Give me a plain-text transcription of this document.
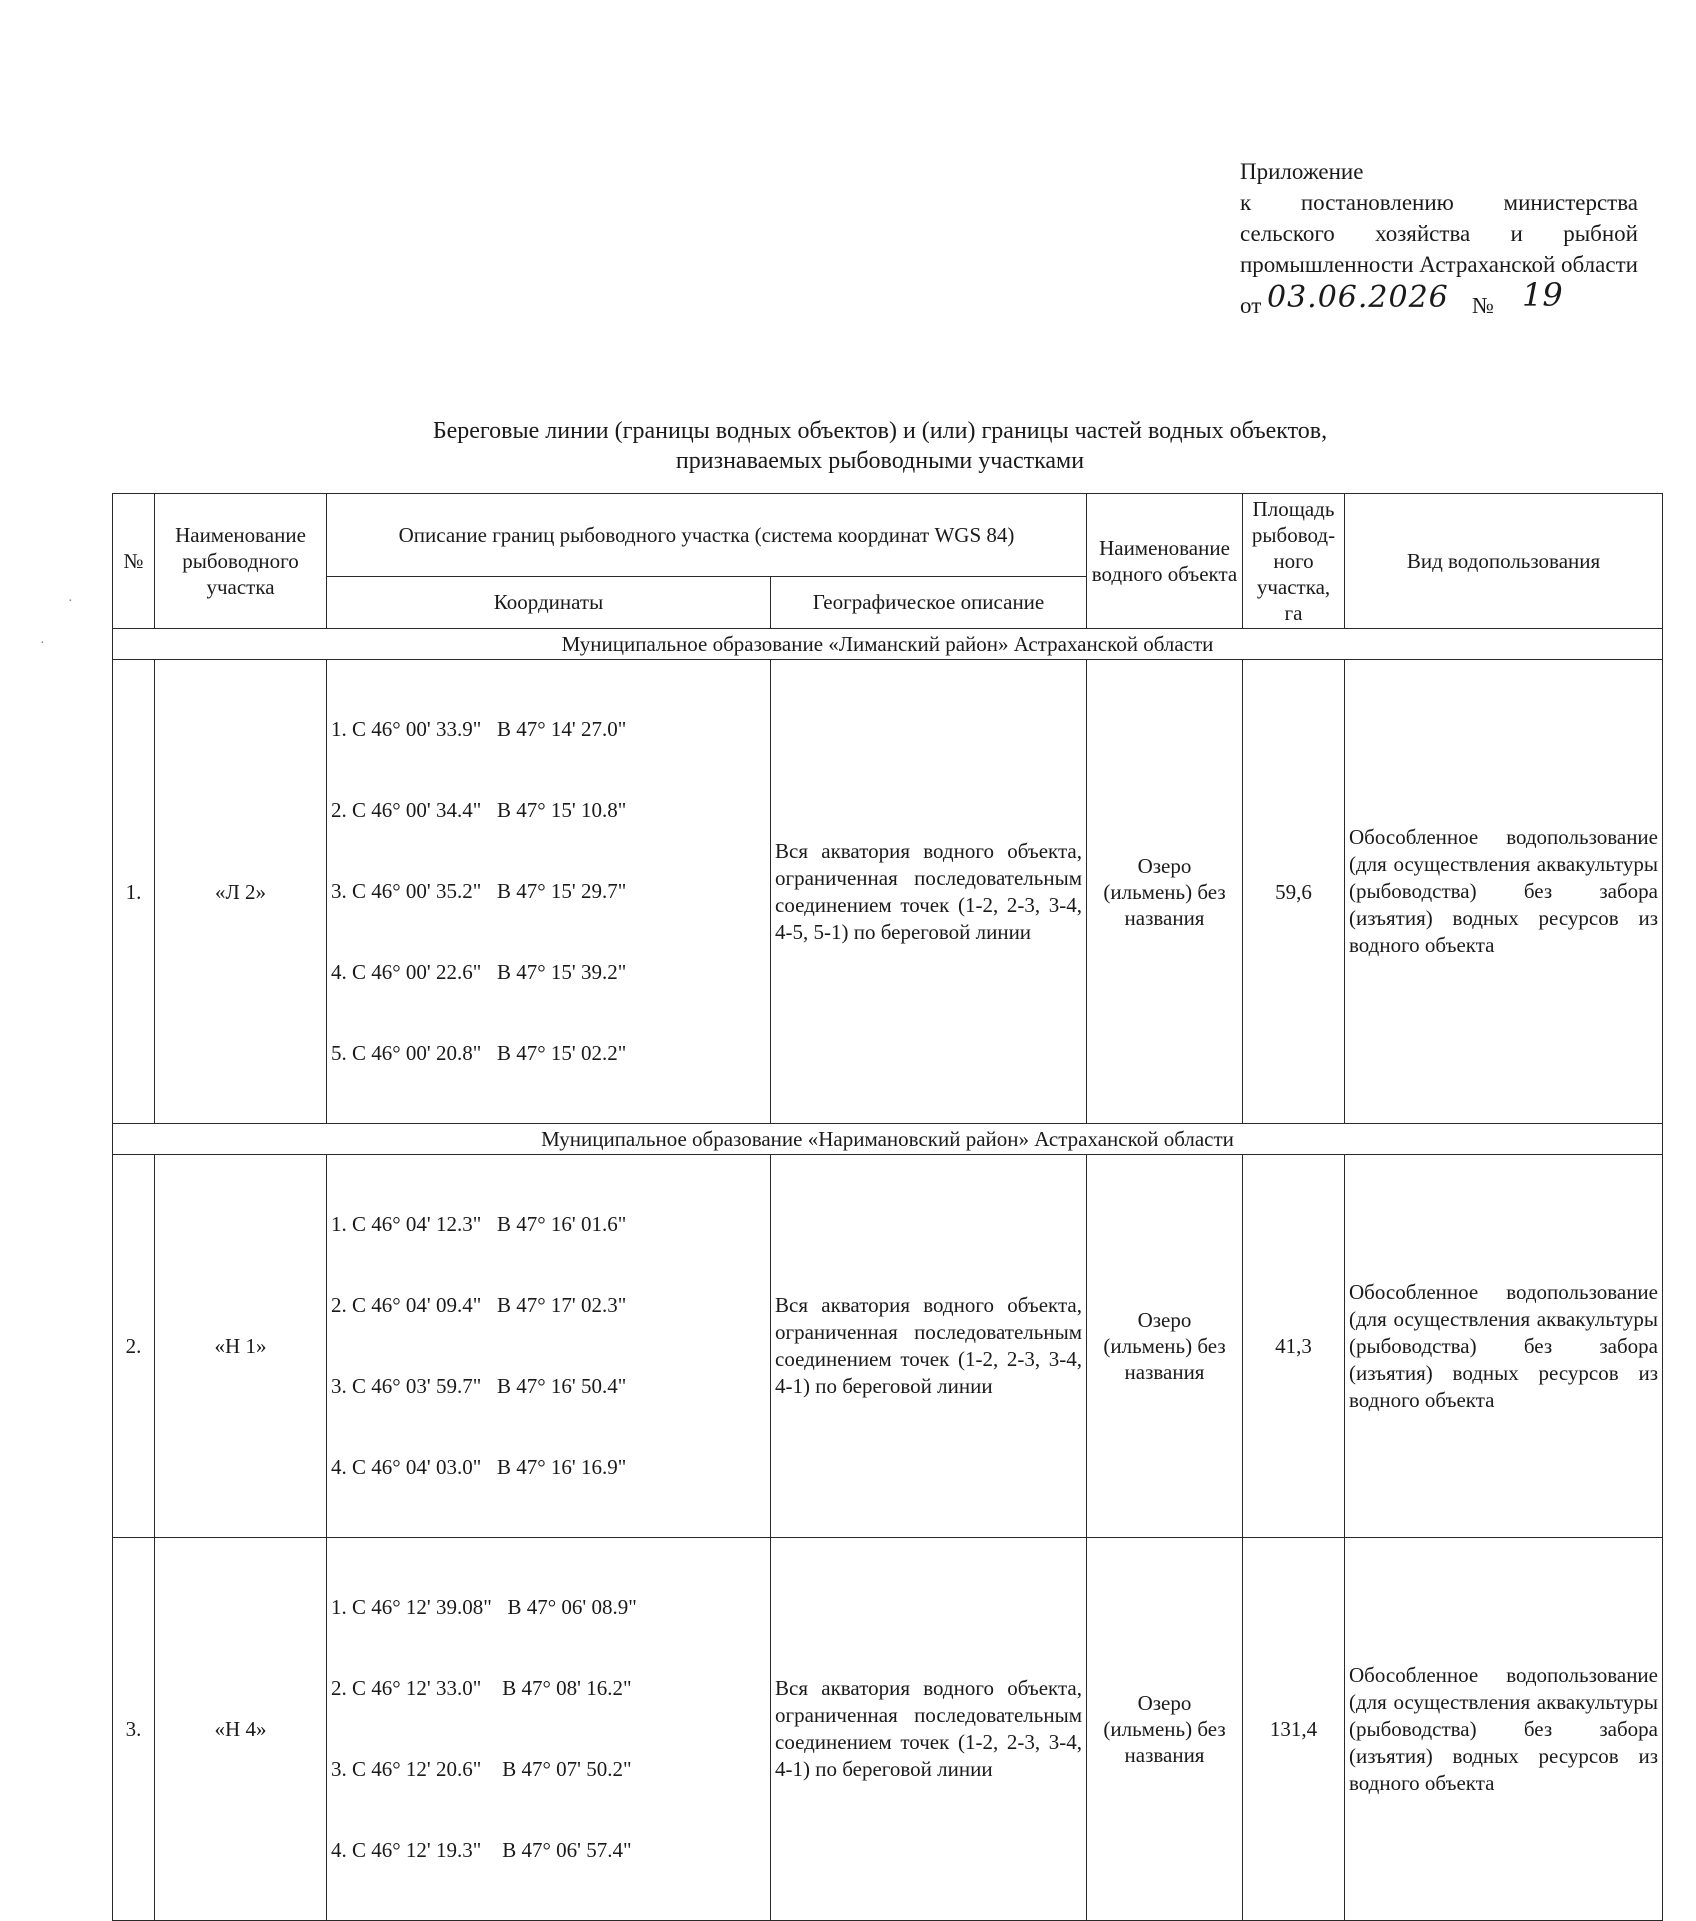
·
·
Приложение
к постановлению министерства сельского хозяйства и рыбной промышленности Астраханской области
от 03.06.2026 № 19
Береговые линии (границы водных объектов) и (или) границы частей водных объектов,
признаваемых рыбоводными участками
№	Наименование рыбоводного участка	Описание границ рыбоводного участка (система координат WGS 84)		Наименование водного объекта	Площадь рыбовод- ного участка, га	Вид водопользования
		Координаты	Географическое описание			
Муниципальное образование «Лиманский район» Астраханской области						
1.	«Л 2»	1. С 46° 00' 33.9"   В 47° 14' 27.0"

2. С 46° 00' 34.4"   В 47° 15' 10.8"

3. С 46° 00' 35.2"   В 47° 15' 29.7"

4. С 46° 00' 22.6"   В 47° 15' 39.2"

5. С 46° 00' 20.8"   В 47° 15' 02.2"	Вся акватория водного объекта, ограниченная последовательным соединением точек (1-2, 2-3, 3-4, 4-5, 5-1) по береговой линии	Озеро (ильмень) без названия	59,6	Обособленное водопользование (для осуществления аквакультуры (рыбоводства) без забора (изъятия) водных ресурсов из водного объекта
Муниципальное образование «Наримановский район» Астраханской области						
2.	«Н 1»	1. С 46° 04' 12.3"   В 47° 16' 01.6"

2. С 46° 04' 09.4"   В 47° 17' 02.3"

3. С 46° 03' 59.7"   В 47° 16' 50.4"

4. С 46° 04' 03.0"   В 47° 16' 16.9"	Вся акватория водного объекта, ограниченная последовательным соединением точек (1-2, 2-3, 3-4, 4-1) по береговой линии	Озеро (ильмень) без названия	41,3	Обособленное водопользование (для осуществления аквакультуры (рыбоводства) без забора (изъятия) водных ресурсов из водного объекта
3.	«Н 4»	1. С 46° 12' 39.08"   В 47° 06' 08.9"

2. С 46° 12' 33.0"    В 47° 08' 16.2"

3. С 46° 12' 20.6"    В 47° 07' 50.2"

4. С 46° 12' 19.3"    В 47° 06' 57.4"	Вся акватория водного объекта, ограниченная последовательным соединением точек (1-2, 2-3, 3-4, 4-1) по береговой линии	Озеро (ильмень) без названия	131,4	Обособленное водопользование (для осуществления аквакультуры (рыбоводства) без забора (изъятия) водных ресурсов из водного объекта
